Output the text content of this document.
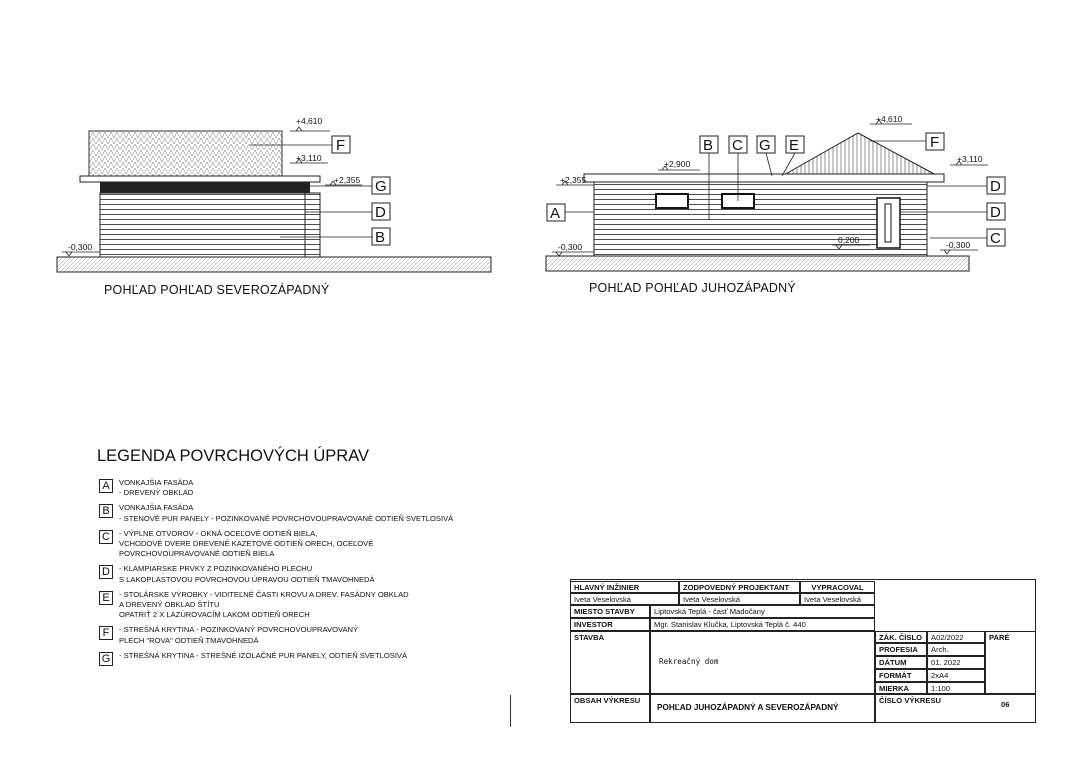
+4,610
+3,110
+2,355
-0,300
F
G
D
B
+4,610
+3,110
+2,900
+2,355
-0,300
0,200	-0,300
B C G E	F
D
D
C
A
POHĽAD POHĽAD SEVEROZÁPADNÝ	POHĽAD POHĽAD JUHOZÁPADNÝ
LEGENDA POVRCHOVÝCH ÚPRAV
A	VONKAJŠIA FASÁDA
- DREVENÝ OBKLAD
B	VONKAJŠIA FASÁDA
- STENOVÉ PUR PANELY - POZINKOVANÉ POVRCHOVOUPRAVOVANÉ ODTIEŇ SVETLOSIVÁ
C	- VÝPLNE OTVOROV - OKNÁ OCEĽOVÉ ODTIEŇ BIELA,
VCHODOVÉ DVERE DREVENÉ KAZETOVÉ ODTIEŇ ORECH, OCEĽOVÉ
POVRCHOVOUPRAVOVANÉ ODTIEŇ BIELA
D	- KLAMPIARSKE PRVKY Z POZINKOVANÉHO PLECHU
S LAKOPLASTOVOU POVRCHOVOU ÚPRAVOU ODTIEŇ TMAVOHNEDÁ
E	- STOLÁRSKE VÝROBKY - VIDITEĽNÉ ČASTI KROVU A DREV. FASÁDNY OBKLAD
A DREVENÝ OBKLAD ŠTÍTU
OPATRIŤ 2 X LAZÚROVACÍM LAKOM ODTIEŇ ORECH
F	- STREŠNÁ KRYTINA - POZINKOVANÝ POVRCHOVOUPRAVOVANÝ
PLECH "ROVA" ODTIEŇ TMAVOHNEDÁ
G	- STREŠNÁ KRYTINA - STREŠNÉ IZOLAČNÉ PUR PANELY, ODTIEŇ SVETLOSIVÁ
HLAVNÝ INŽINIER	ZODPOVEDNÝ PROJEKTANT	VYPRACOVAL
Iveta Veselovská	Iveta Veselovská	Iveta Veselovská
MIESTO STAVBY	Liptovská Teplá - časť Madočany
INVESTOR	Mgr. Stanislav Klučka, Liptovská Teplá č. 440
STAVBA
Rekreačný dom
ZÁK. ČÍSLO	A02/2022	PARÉ
PROFESIA	Arch.
DÁTUM	01. 2022
FORMÁT	2xA4
MIERKA	1:100
OBSAH VÝKRESU
POHĽAD JUHOZÁPADNÝ A SEVEROZÁPADNÝ
ČÍSLO VÝKRESU	06
